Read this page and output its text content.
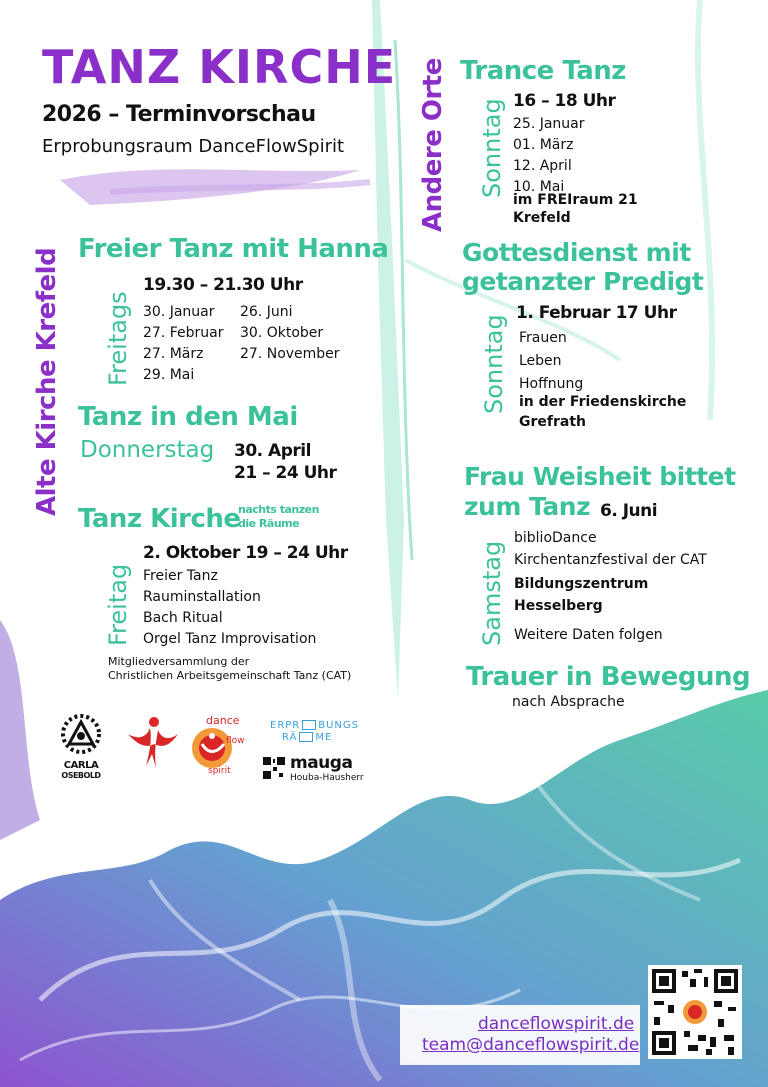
TANZ KIRCHE
2026 – Terminvorschau
Erprobungsraum DanceFlowSpirit
Alte Kirche Krefeld Freier Tanz mit Hanna
Freitags
19.30 – 21.30 Uhr
30. Januar
27. Februar
27. März
29. Mai
26. Juni
30. Oktober
27. November
Tanz in den Mai
Donnerstag 30. April
21 – 24 Uhr
Tanz Kirche
nachts tanzen
die Räume
Freitag
2. Oktober 19 – 24 Uhr
Freier Tanz
Rauminstallation
Bach Ritual
Orgel Tanz Improvisation
Mitgliedversammlung der
Christlichen Arbeitsgemeinschaft Tanz (CAT)
Andere Orte Trance Tanz
Sonntag 16 – 18 Uhr
25. Januar
01. März
12. April
10. Mai
im FREIraum 21
Krefeld
Gottesdienst mit
getanzter Predigt
Sonntag
1. Februar 17 Uhr
Frauen
Leben
Hoffnung
in der Friedenskirche
Grefrath
Frau Weisheit bittet
zum Tanz 6. Juni
Samstag
biblioDance
Kirchentanzfestival der CAT
Bildungszentrum
Hesselberg
Weitere Daten folgen
Trauer in Bewegung
nach Absprache
CARLA
OSEBOLD
dance
flow
spirit
ERPR BUNGS
RÄ ME
mauga
Houba-Hausherr
danceflowspirit.de
team@danceflowspirit.de
